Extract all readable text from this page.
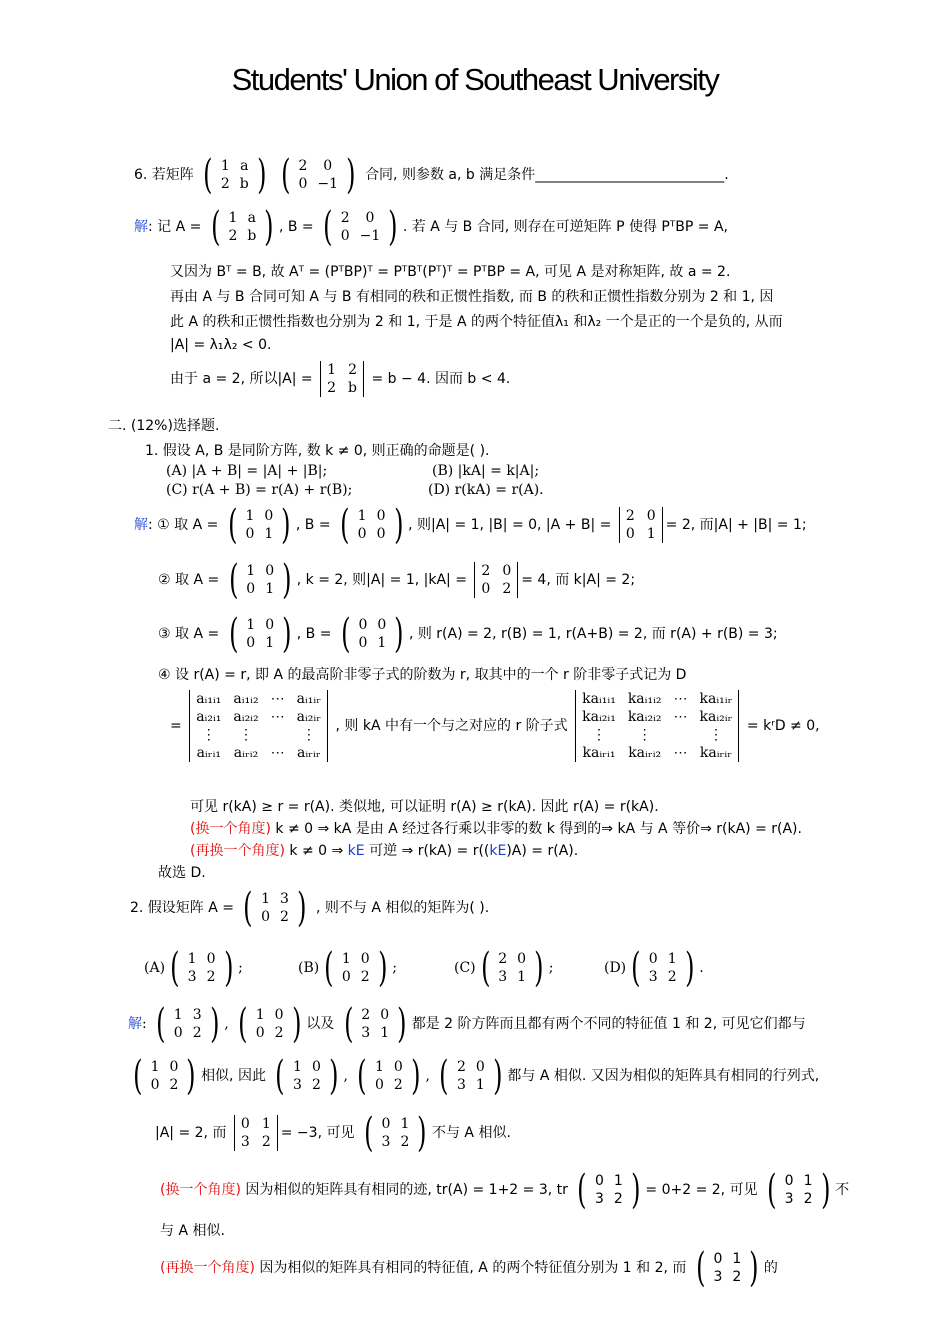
Students' Union of Southeast University
6. 若矩阵 ( 1	a
2	b )
( 2	0
0	−1 ) 合同, 则参数 a, b 满足条件___________________________.
解: 记 A = ( 1	a
2	b ) , B = ( 2	0
0	−1 ) . 若 A 与 B 合同, 则存在可逆矩阵 P 使得 PᵀBP = A,
又因为 Bᵀ = B, 故 Aᵀ = (PᵀBP)ᵀ = PᵀBᵀ(Pᵀ)ᵀ = PᵀBP = A, 可见 A 是对称矩阵, 故 a = 2.
再由 A 与 B 合同可知 A 与 B 有相同的秩和正惯性指数, 而 B 的秩和正惯性指数分别为 2 和 1, 因
此 A 的秩和正惯性指数也分别为 2 和 1, 于是 A 的两个特征值λ₁ 和λ₂ 一个是正的一个是负的, 从而
|A| = λ₁λ₂ < 0.
由于 a = 2, 所以|A| =
1	2
2	b
= b − 4. 因而 b < 4.
二. (12%)选择题.
1. 假设 A, B 是同阶方阵, 数 k ≠ 0, 则正确的命题是( ).
(A) |A + B| = |A| + |B|;	(B) |kA| = k|A|;
(C) r(A + B) = r(A) + r(B);	(D) r(kA) = r(A).
解: ① 取 A = ( 1	0
0	1 ) , B = ( 1	0
0	0 ) , 则|A| = 1, |B| = 0, |A + B| =
2	0
0	1
= 2, 而|A| + |B| = 1;
② 取 A = ( 1	0
0	1 ) , k = 2, 则|A| = 1, |kA| =
2	0
0	2
= 4, 而 k|A| = 2;
③ 取 A = ( 1	0
0	1 ) , B = ( 0	0
0	1 ) , 则 r(A) = 2, r(B) = 1, r(A+B) = 2, 而 r(A) + r(B) = 3;
④ 设 r(A) = r, 即 A 的最高阶非零子式的阶数为 r, 取其中的一个 r 阶非零子式记为 D
=
aᵢ₁ᵢ₁	aᵢ₁ᵢ₂	⋯	aᵢ₁ᵢᵣ
aᵢ₂ᵢ₁	aᵢ₂ᵢ₂	⋯	aᵢ₂ᵢᵣ
⋮	⋮		⋮
aᵢᵣᵢ₁	aᵢᵣᵢ₂	⋯	aᵢᵣᵢᵣ
, 则 kA 中有一个与之对应的 r 阶子式
kaᵢ₁ᵢ₁	kaᵢ₁ᵢ₂	⋯	kaᵢ₁ᵢᵣ
kaᵢ₂ᵢ₁	kaᵢ₂ᵢ₂	⋯	kaᵢ₂ᵢᵣ
⋮	⋮		⋮
kaᵢᵣᵢ₁	kaᵢᵣᵢ₂	⋯	kaᵢᵣᵢᵣ
= kʳD ≠ 0,
可见 r(kA) ≥ r = r(A). 类似地, 可以证明 r(A) ≥ r(kA). 因此 r(A) = r(kA).
(换一个角度) k ≠ 0 ⇒ kA 是由 A 经过各行乘以非零的数 k 得到的⇒ kA 与 A 等价⇒ r(kA) = r(A).
(再换一个角度) k ≠ 0 ⇒ kE 可逆 ⇒ r(kA) = r((kE)A) = r(A).
故选 D.
2. 假设矩阵 A = ( 1	3
0	2 ) , 则不与 A 相似的矩阵为( ).
(A) ( 1	0
3	2 ) ;	(B) ( 1	0
0	2 ) ;	(C) ( 2	0
3	1 ) ;	(D) ( 0	1
3	2 ) .
解: ( 1	3
0	2 ) , ( 1	0
0	2 ) 以及 ( 2	0
3	1 ) 都是 2 阶方阵而且都有两个不同的特征值 1 和 2, 可见它们都与
( 1	0
0	2 ) 相似, 因此 ( 1	0
3	2 ) , ( 1	0
0	2 ) , ( 2	0
3	1 ) 都与 A 相似. 又因为相似的矩阵具有相同的行列式,
|A| = 2, 而
0	1
3	2
= −3, 可见 ( 0	1
3	2 ) 不与 A 相似.
(换一个角度) 因为相似的矩阵具有相同的迹, tr(A) = 1+2 = 3, tr ( 0	1
3	2 ) = 0+2 = 2, 可见 ( 0	1
3	2 ) 不
与 A 相似.
(再换一个角度) 因为相似的矩阵具有相同的特征值, A 的两个特征值分别为 1 和 2, 而 ( 0	1
3	2 ) 的
